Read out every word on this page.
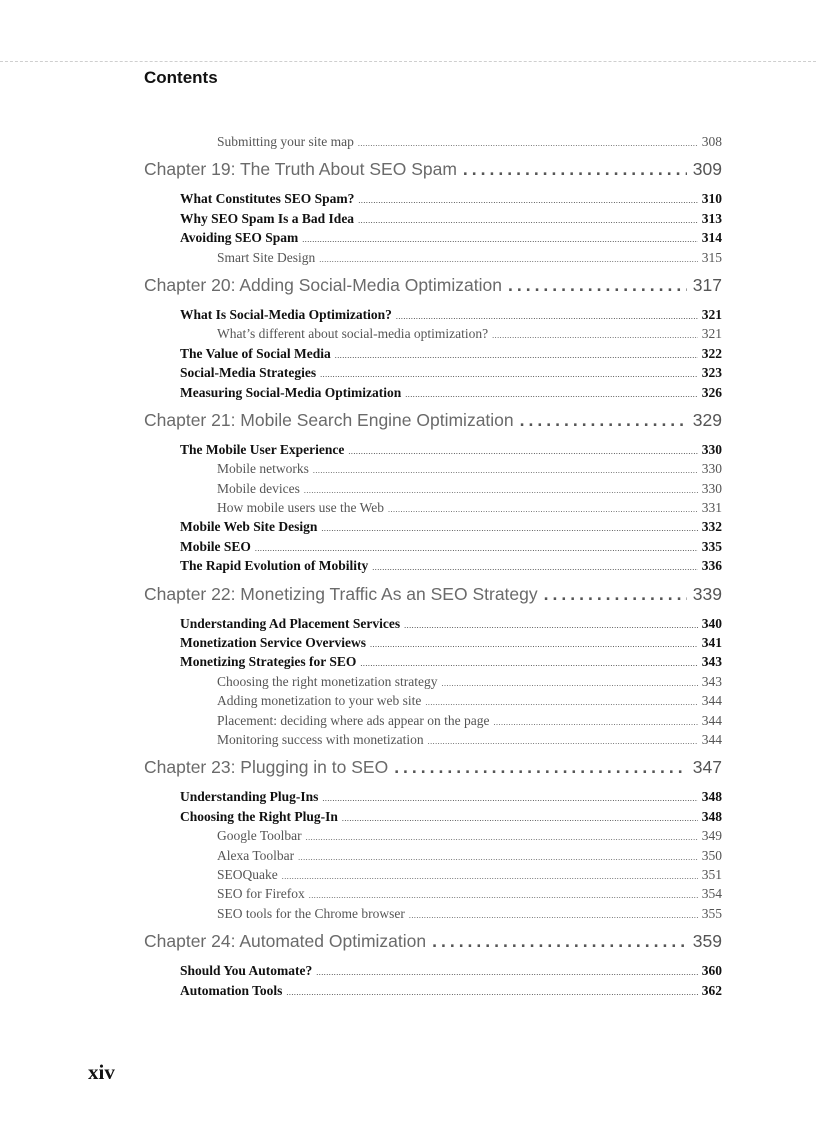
Contents
Submitting your site map .....	308
Chapter 19: The Truth About SEO Spam .....	309
What Constitutes SEO Spam? .....	310
Why SEO Spam Is a Bad Idea .....	313
Avoiding SEO Spam .....	314
Smart Site Design .....	315
Chapter 20: Adding Social-Media Optimization .....	317
What Is Social-Media Optimization? .....	321
What’s different about social-media optimization? .....	321
The Value of Social Media .....	322
Social-Media Strategies .....	323
Measuring Social-Media Optimization .....	326
Chapter 21: Mobile Search Engine Optimization .....	329
The Mobile User Experience .....	330
Mobile networks .....	330
Mobile devices .....	330
How mobile users use the Web .....	331
Mobile Web Site Design .....	332
Mobile SEO .....	335
The Rapid Evolution of Mobility .....	336
Chapter 22: Monetizing Traffic As an SEO Strategy .....	339
Understanding Ad Placement Services .....	340
Monetization Service Overviews .....	341
Monetizing Strategies for SEO .....	343
Choosing the right monetization strategy .....	343
Adding monetization to your web site .....	344
Placement: deciding where ads appear on the page .....	344
Monitoring success with monetization .....	344
Chapter 23: Plugging in to SEO .....	347
Understanding Plug-Ins .....	348
Choosing the Right Plug-In .....	348
Google Toolbar .....	349
Alexa Toolbar .....	350
SEOQuake .....	351
SEO for Firefox .....	354
SEO tools for the Chrome browser .....	355
Chapter 24: Automated Optimization .....	359
Should You Automate? .....	360
Automation Tools .....	362
xiv
